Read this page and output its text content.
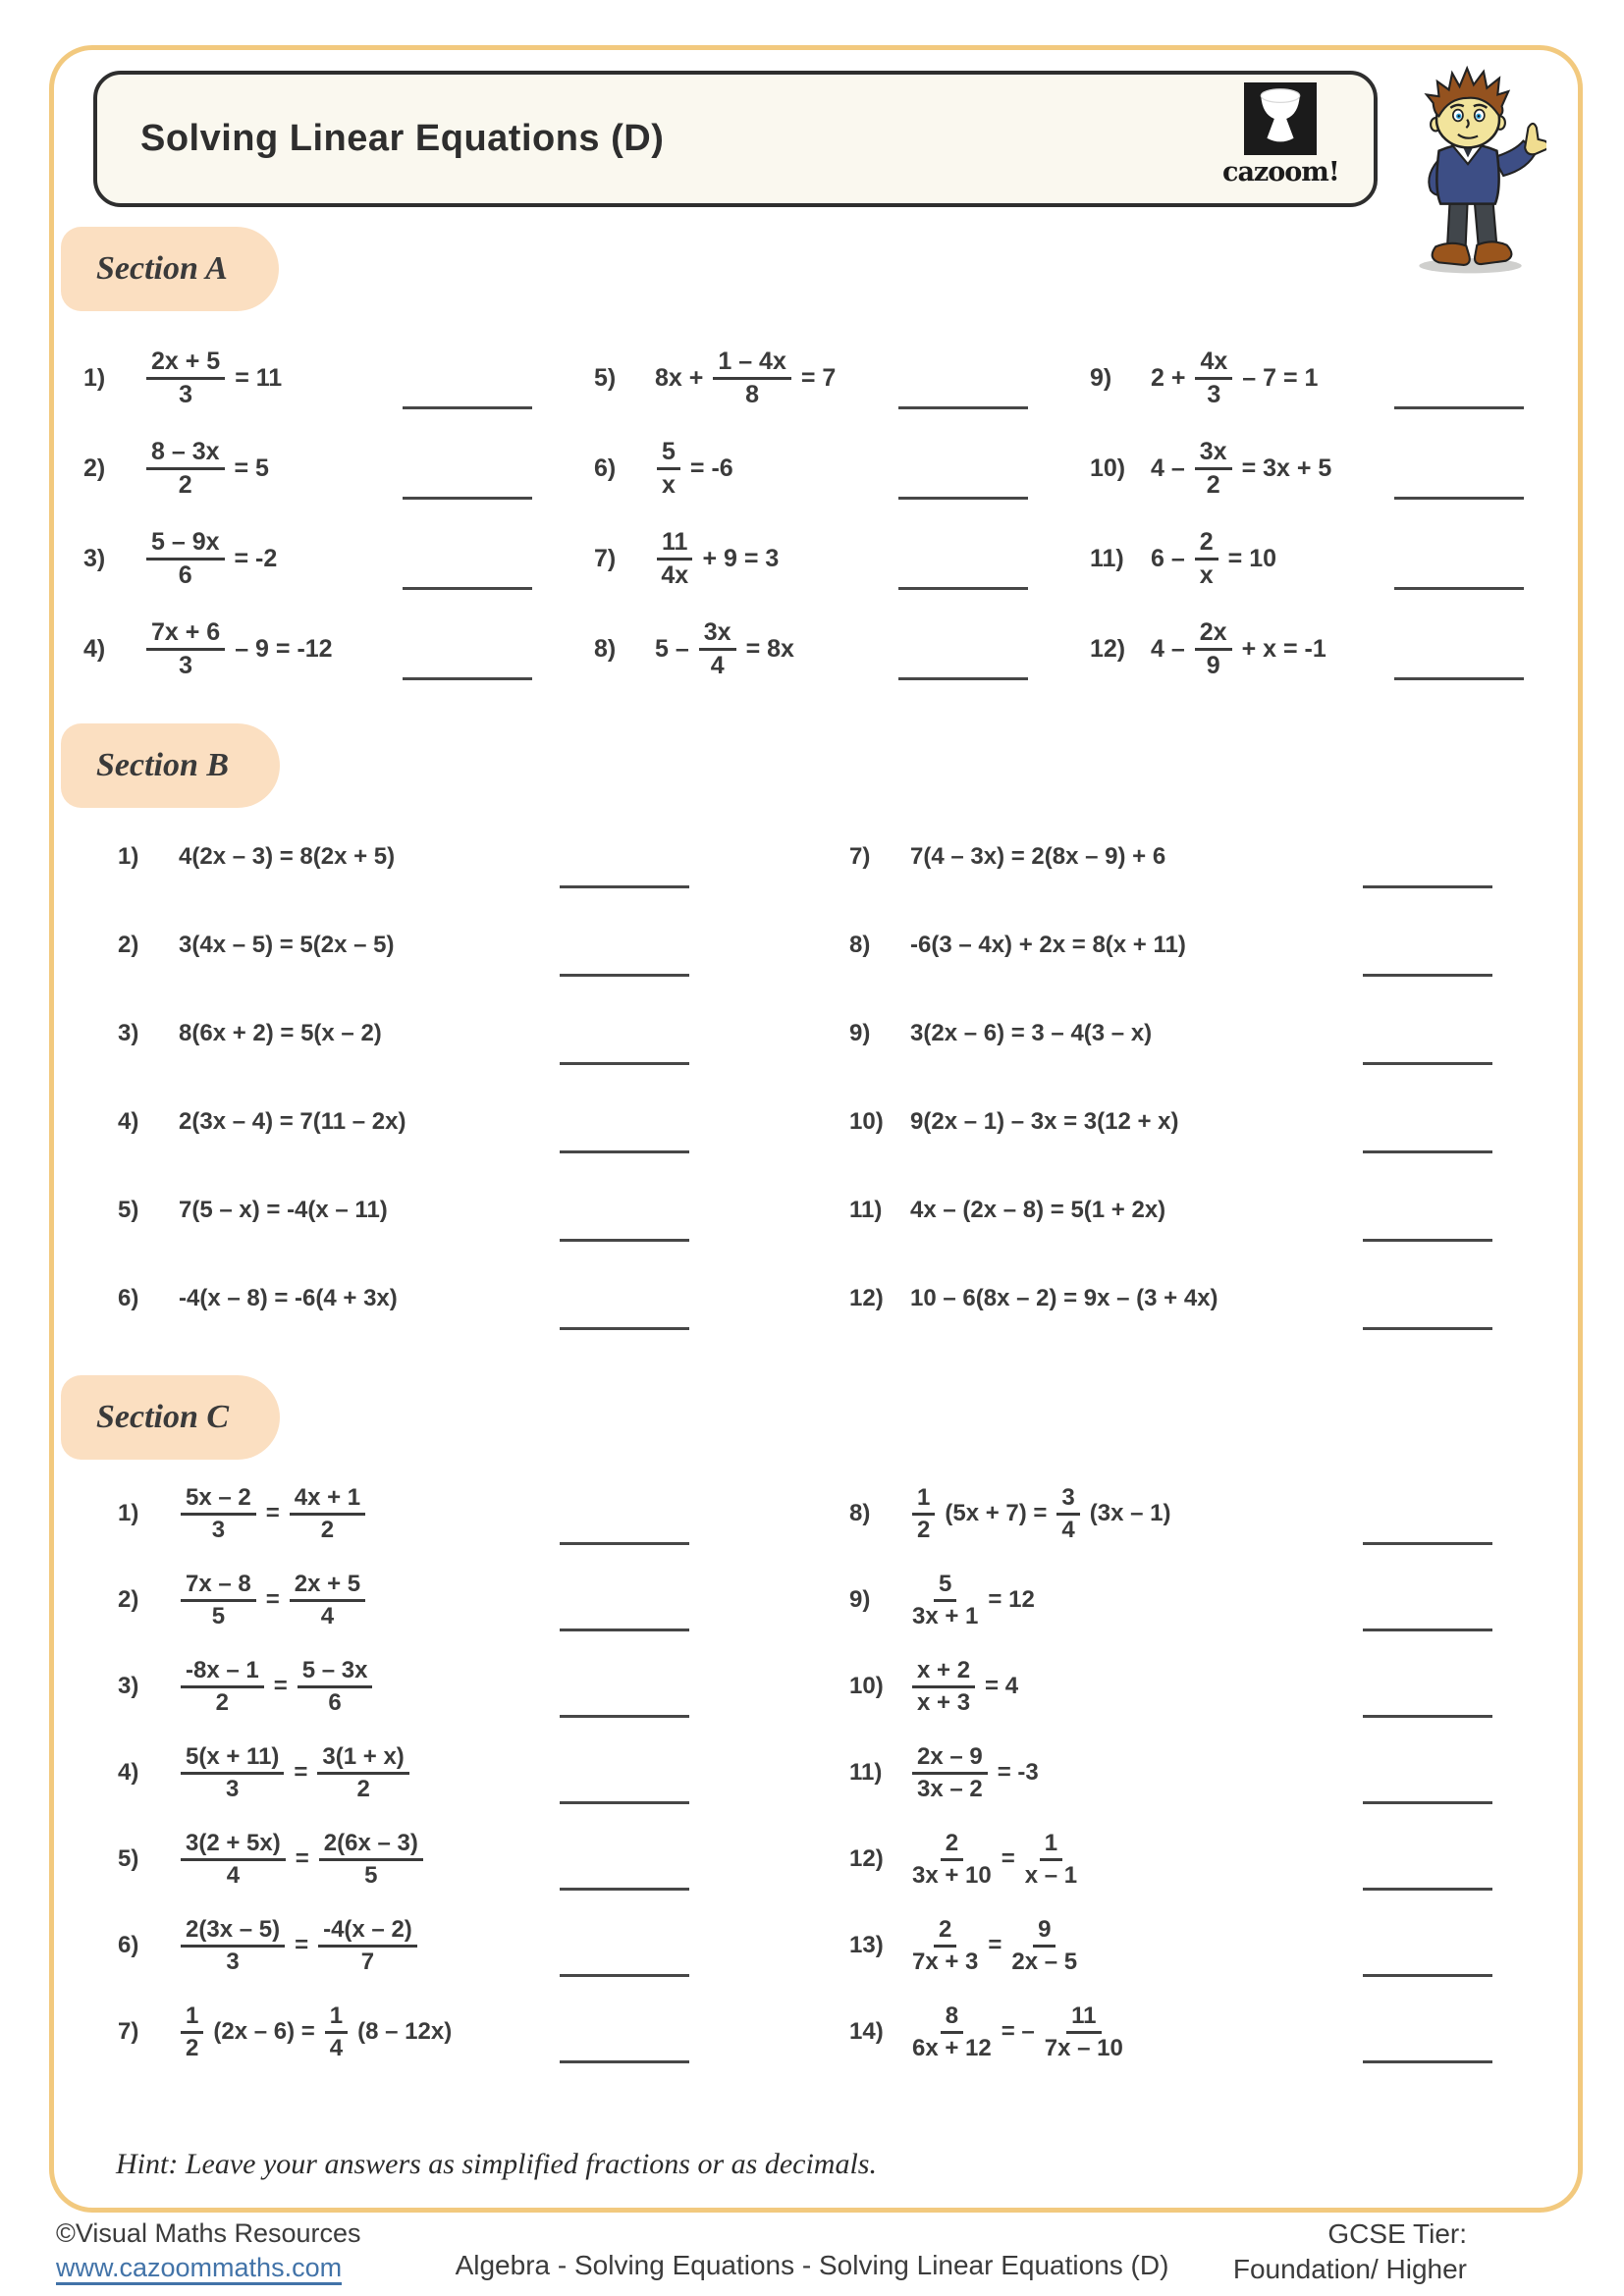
Solving Linear Equations (D)
cazoom!
Section A
1)	$\frac{2x + 5}{3} = 11$
2)	$\frac{8 - 3x}{2} = 5$
3)	$\frac{5 - 9x}{6} = -2$
4)	$\frac{7x + 6}{3} - 9 = -12$
5)	$8x + \frac{1 - 4x}{8} = 7$
6)	$\frac{5}{x} = -6$
7)	$\frac{11}{4x} + 9 = 3$
8)	$5 - \frac{3x}{4} = 8x$
9)	$2 + \frac{4x}{3} - 7 = 1$
10)	$4 - \frac{3x}{2} = 3x + 5$
11)	$6 - \frac{2}{x} = 10$
12)	$4 - \frac{2x}{9} + x = -1$
Section B
1)	4(2x – 3) = 8(2x + 5)
2)	3(4x – 5) = 5(2x – 5)
3)	8(6x + 2) = 5(x – 2)
4)	2(3x – 4) = 7(11 – 2x)
5)	7(5 – x) = -4(x – 11)
6)	-4(x – 8) = -6(4 + 3x)
7)	7(4 – 3x) = 2(8x – 9) + 6
8)	-6(3 – 4x) + 2x = 8(x + 11)
9)	3(2x – 6) = 3 – 4(3 – x)
10)	9(2x – 1) – 3x = 3(12 + x)
11)	4x – (2x – 8) = 5(1 + 2x)
12)	10 – 6(8x – 2) = 9x – (3 + 4x)
Section C
1)	$\frac{5x - 2}{3} = \frac{4x + 1}{2}$
2)	$\frac{7x - 8}{5} = \frac{2x + 5}{4}$
3)	$\frac{-8x - 1}{2} = \frac{5 - 3x}{6}$
4)	$\frac{5(x + 11)}{3} = \frac{3(1 + x)}{2}$
5)	$\frac{3(2 + 5x)}{4} = \frac{2(6x - 3)}{5}$
6)	$\frac{2(3x - 5)}{3} = \frac{-4(x - 2)}{7}$
7)	$\frac{1}{2} (2x - 6) = \frac{1}{4} (8 - 12x)$
8)	$\frac{1}{2} (5x + 7) = \frac{3}{4} (3x - 1)$
9)	$\frac{5}{3x + 1} = 12$
10)	$\frac{x + 2}{x + 3} = 4$
11)	$\frac{2x - 9}{3x - 2} = -3$
12)	$\frac{2}{3x + 10} = \frac{1}{x - 1}$
13)	$\frac{2}{7x + 3} = \frac{9}{2x - 5}$
14)	$\frac{8}{6x + 12}$ = – $\frac{11}{7x - 10}$
Hint: Leave your answers as simplified fractions or as decimals.
©Visual Maths Resources
www.cazoommaths.com	Algebra - Solving Equations - Solving Linear Equations (D)
GCSE Tier:
Foundation/ Higher
